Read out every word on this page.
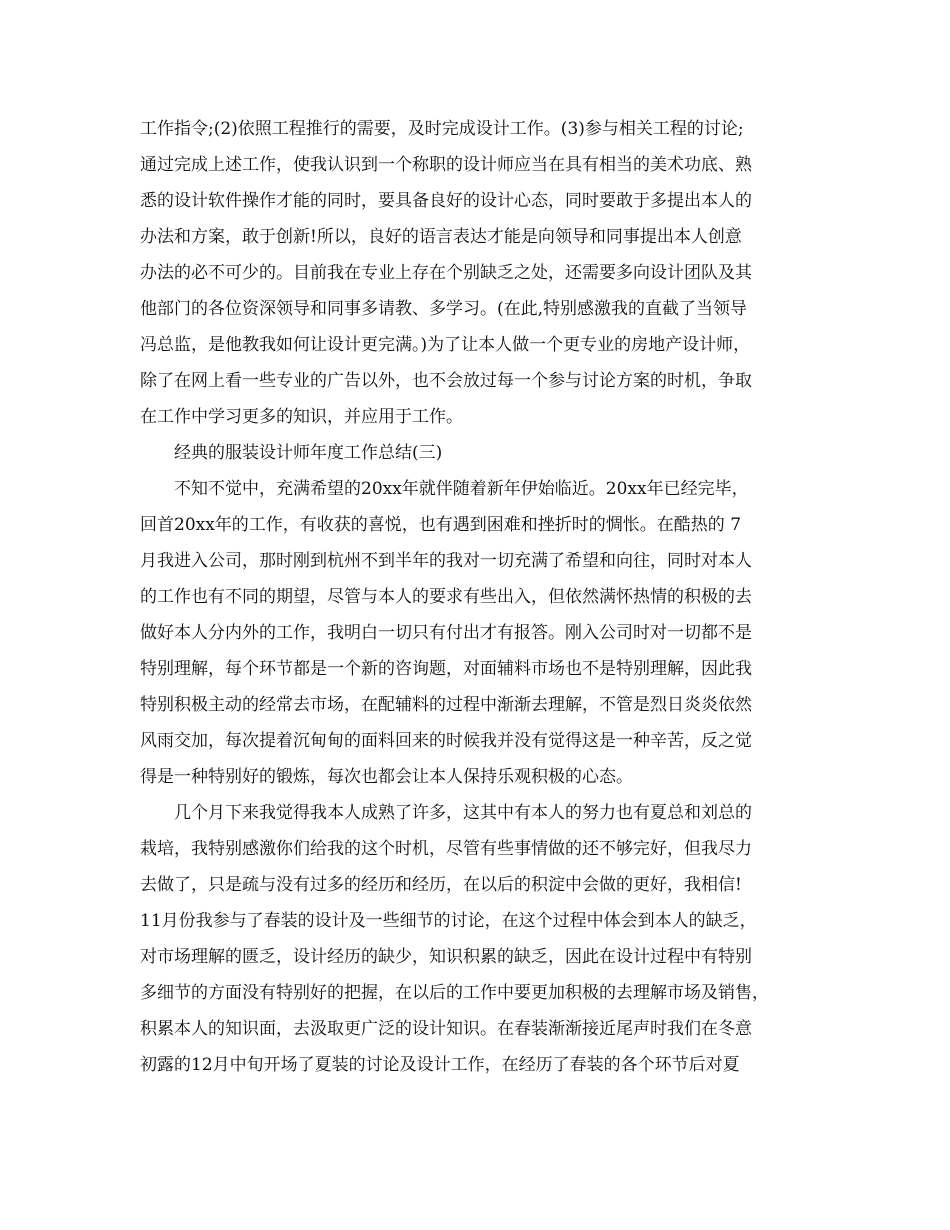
工作指令;(2)依照工程推行的需要，及时完成设计工作。(3)参与相关工程的讨论;
通过完成上述工作，使我认识到一个称职的设计师应当在具有相当的美术功底、熟
悉的设计软件操作才能的同时，要具备良好的设计心态，同时要敢于多提出本人的
办法和方案，敢于创新!所以，良好的语言表达才能是向领导和同事提出本人创意
办法的必不可少的。目前我在专业上存在个别缺乏之处，还需要多向设计团队及其
他部门的各位资深领导和同事多请教、多学习。(在此,特别感激我的直截了当领导
冯总监，是他教我如何让设计更完满。)为了让本人做一个更专业的房地产设计师，
除了在网上看一些专业的广告以外，也不会放过每一个参与讨论方案的时机，争取
在工作中学习更多的知识，并应用于工作。
经典的服装设计师年度工作总结(三)
不知不觉中，充满希望的20xx年就伴随着新年伊始临近。20xx年已经完毕，
回首20xx年的工作，有收获的喜悦，也有遇到困难和挫折时的惆怅。在酷热的 7
月我进入公司，那时刚到杭州不到半年的我对一切充满了希望和向往，同时对本人
的工作也有不同的期望，尽管与本人的要求有些出入，但依然满怀热情的积极的去
做好本人分内外的工作，我明白一切只有付出才有报答。刚入公司时对一切都不是
特别理解，每个环节都是一个新的咨询题，对面辅料市场也不是特别理解，因此我
特别积极主动的经常去市场，在配辅料的过程中渐渐去理解，不管是烈日炎炎依然
风雨交加，每次提着沉甸甸的面料回来的时候我并没有觉得这是一种辛苦，反之觉
得是一种特别好的锻炼，每次也都会让本人保持乐观积极的心态。
几个月下来我觉得我本人成熟了许多，这其中有本人的努力也有夏总和刘总的
栽培，我特别感激你们给我的这个时机，尽管有些事情做的还不够完好，但我尽力
去做了，只是疏与没有过多的经历和经历，在以后的积淀中会做的更好，我相信!
11月份我参与了春装的设计及一些细节的讨论，在这个过程中体会到本人的缺乏，
对市场理解的匮乏，设计经历的缺少，知识积累的缺乏，因此在设计过程中有特别
多细节的方面没有特别好的把握，在以后的工作中要更加积极的去理解市场及销售，
积累本人的知识面，去汲取更广泛的设计知识。在春装渐渐接近尾声时我们在冬意
初露的12月中旬开场了夏装的讨论及设计工作，在经历了春装的各个环节后对夏
